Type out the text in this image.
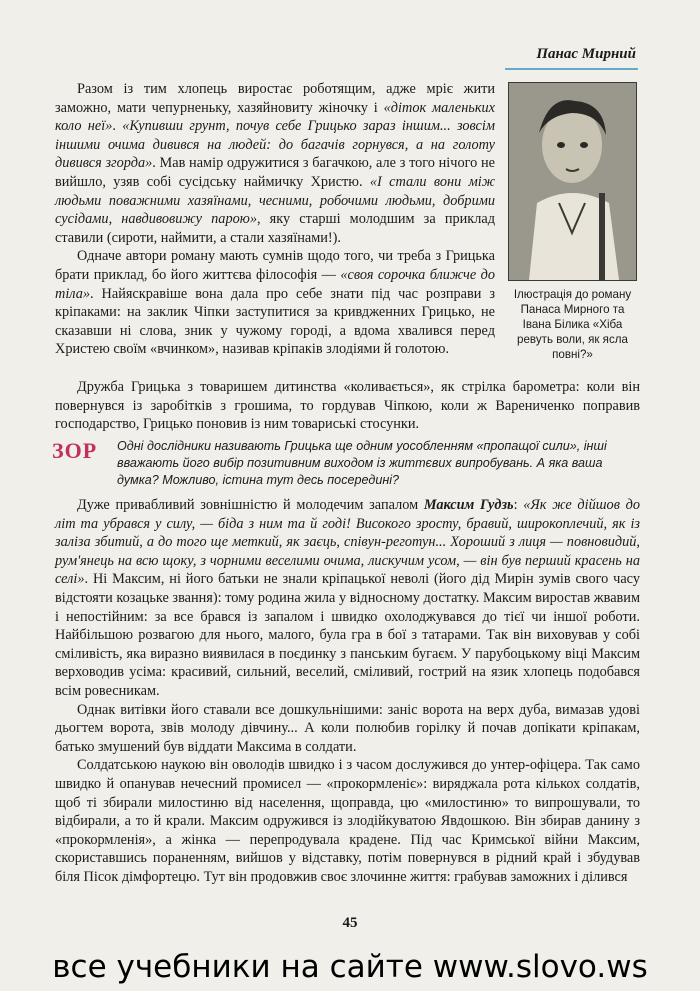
Панас Мирний

Разом із тим хлопець виростає роботящим, адже мріє жити заможно, мати чепурненьку, хазяйновиту жіночку і «діток маленьких коло неї». «Купивши грунт, почув себе Грицько зараз іншим... зовсім іншими очима дивився на людей: до багачів горнувся, а на голоту дивився згорда». Мав намір одружитися з багачкою, але з того нічого не вийшло, узяв собі сусідську наймичку Христю. «І стали вони між людьми поважними хазяїнами, чесними, робочими людьми, добрими сусідами, навдивовижу парою», яку старші молодшим за приклад ставили (сироти, наймити, а стали хазяїнами!).

Одначе автори роману мають сумнів щодо того, чи треба з Грицька брати приклад, бо його життєва філософія — «своя сорочка ближче до тіла». Найяскравіше вона дала про себе знати під час розправи з кріпаками: на заклик Чіпки заступитися за кривдженних Грицько, не сказавши ні слова, зник у чужому городі, а вдома хвалився перед Христею своїм «вчинком», називав кріпаків злодіями й голотою.

Ілюстрація до роману Панаса Мирного та Івана Білика «Хіба ревуть воли, як ясла повні?»

Дружба Грицька з товаришем дитинства «коливається», як стрілка барометра: коли він повернувся із заробітків з грошима, то гордував Чіпкою, коли ж Варениченко поправив господарство, Грицько поновив із ним товариські стосунки.

ЗОР Одні дослідники називають Грицька ще одним уособленням «пропащої сили», інші вважають його вибір позитивним виходом із життєвих випробувань. А яка ваша думка? Можливо, істина тут десь посередині?

Дуже привабливий зовнішністю й молодечим запалом Максим Гудзь: «Як же дійшов до літ та убрався у силу, — біда з ним та й годі! Високого зросту, бравий, широкоплечий, як із заліза збитий, а до того ще меткий, як заєць, співун-реготун... Хороший з лиця — повновидий, рум'янець на всю щоку, з чорними веселими очима, лискучим усом, — він був перший красень на селі». Ні Максим, ні його батьки не знали кріпацької неволі (його дід Мирін зумів свого часу відстояти козацьке звання): тому родина жила у відносному достатку. Максим виростав жвавим і непостійним: за все брався із запалом і швидко охолоджувався до тієї чи іншої роботи. Найбільшою розвагою для нього, малого, була гра в бої з татарами. Так він виховував у собі сміливість, яка виразно виявилася в поєдинку з панським бугаєм. У парубоцькому віці Максим верховодив усіма: красивий, сильний, веселий, сміливий, гострий на язик хлопець подобався всім ровесникам.

Однак витівки його ставали все дошкульнішими: заніс ворота на верх дуба, вимазав удові дьогтем ворота, звів молоду дівчину... А коли полюбив горілку й почав допікати кріпакам, батько змушений був віддати Максима в солдати.

Солдатською наукою він оволодів швидко і з часом дослужився до унтер-офіцера. Так само швидко й опанував нечесний промисел — «прокормленіє»: виряджала рота кількох солдатів, щоб ті збирали милостиню від населення, щоправда, цю «милостиню» то випрошували, то відбирали, а то й крали. Максим одружився із злодійкуватою Явдошкою. Він збирав данину з «прокормленія», а жінка — перепродувала крадене. Під час Кримської війни Максим, скориставшись пораненням, вийшов у відставку, потім повернувся в рідний край і збудував біля Пісок дімфортецю. Тут він продовжив своє злочинне життя: грабував заможних і ділився

45
все учебники на сайте www.slovo.ws
